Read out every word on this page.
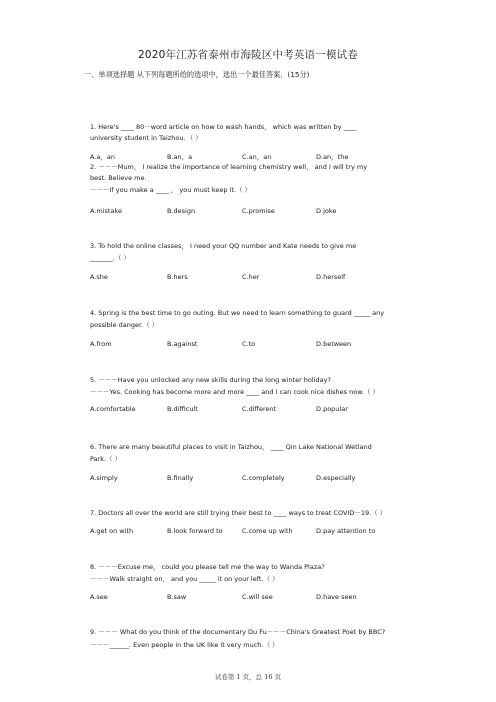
2020年江苏省泰州市海陵区中考英语一模试卷
一、单项选择题 从下列每题所给的选项中，选出一个最佳答案．(15分)
1. Here's ____ 80－word article on how to wash hands， which was written by ____
university student in Taizhou．（ ）
A.a，an	B.an，a	C.an，an	D.an，the
2. －－－Mum， I realize the importance of learning chemistry well， and I will try my
best. Believe me.
－－－If you make a ____ ， you must keep it.（ ）
A.mistake	B.design	C.promise	D.joke
3. To hold the online classes， I need your QQ number and Kate needs to give me
_______.（ ）
A.she	B.hers	C.her	D.herself
4. Spring is the best time to go outing. But we need to learn something to guard _____ any
possible danger.（ ）
A.from	B.against	C.to	D.between
5. －－－Have you unlocked any new skills during the long winter holiday?
－－－Yes. Cooking has become more and more ____ and I can cook nice dishes now.（ ）
A.comfortable	B.difficult	C.different	D.popular
6. There are many beautiful places to visit in Taizhou， ____ Qin Lake National Wetland
Park.（ ）
A.simply	B.finally	C.completely	D.especially
7. Doctors all over the world are still trying their best to ____ ways to treat COVID－19.（ ）
A.get on with	B.look forward to	C.come up with	D.pay attention to
8. －－－Excuse me， could you please tell me the way to Wanda Plaza?
－－－Walk straight on， and you _____ it on your left.（ ）
A.see	B.saw	C.will see	D.have seen
9. －－－ What do you think of the documentary Du Fu－－－China's Greatest Poet by BBC?
－－－______. Even people in the UK like it very much.（ ）
试卷第 1 页，总 16 页
